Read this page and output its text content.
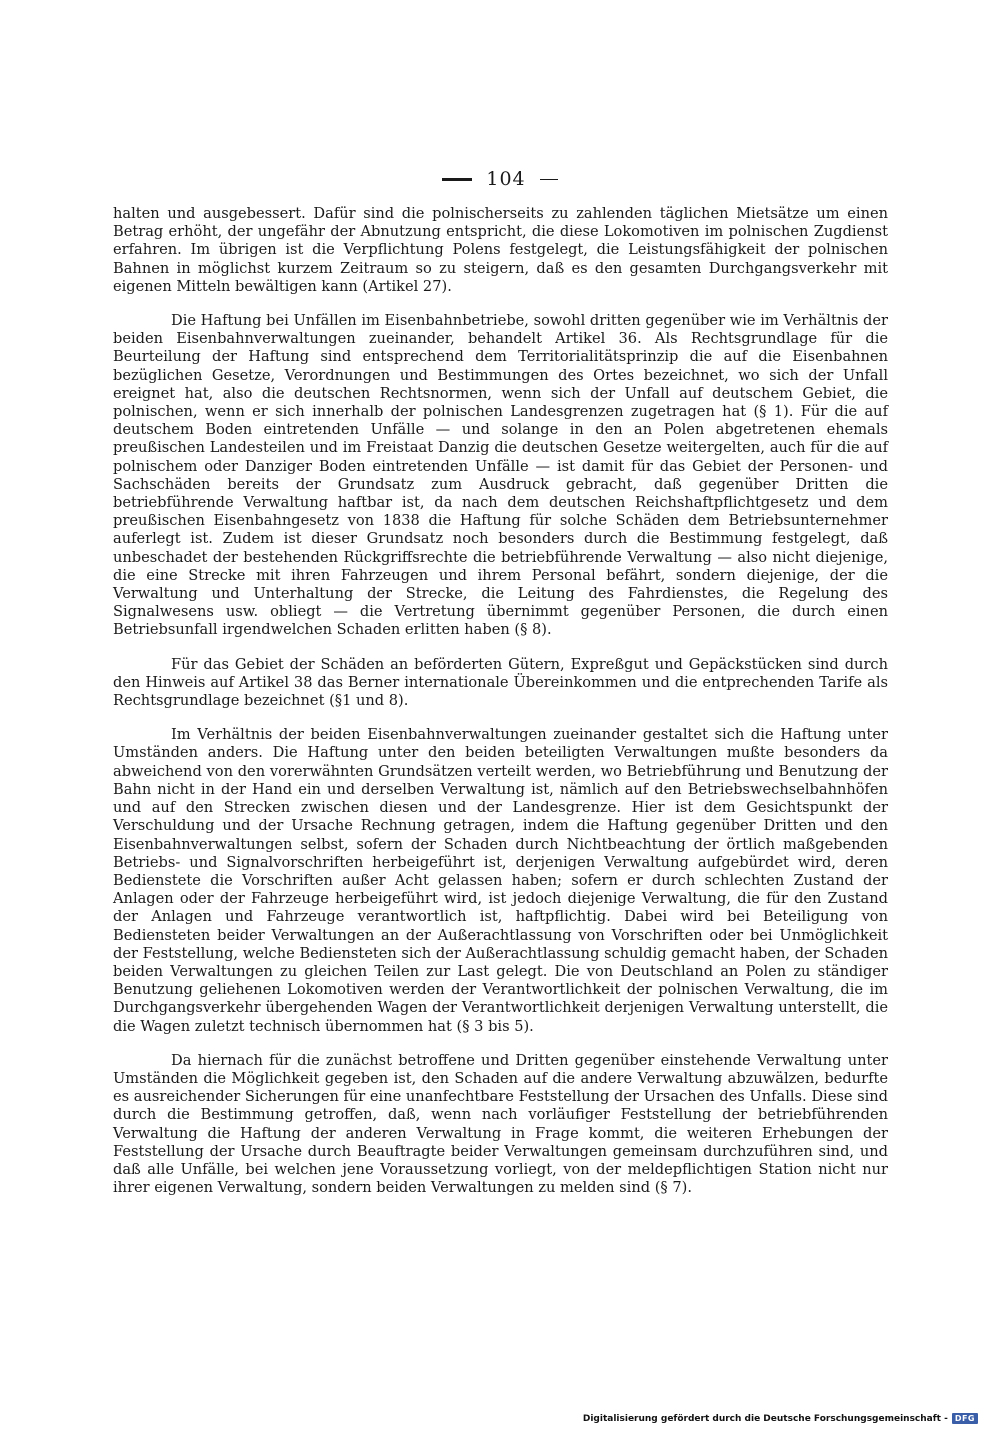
104

halten und ausgebessert. Dafür sind die polnischerseits zu zahlenden täglichen Mietsätze um einen Betrag erhöht, der ungefähr der Abnutzung entspricht, die diese Lokomotiven im polnischen Zugdienst erfahren. Im übrigen ist die Verpflichtung Polens festgelegt, die Leistungsfähigkeit der polnischen Bahnen in möglichst kurzem Zeitraum so zu steigern, daß es den gesamten Durchgangsverkehr mit eigenen Mitteln bewältigen kann (Artikel 27).

Die Haftung bei Unfällen im Eisenbahnbetriebe, sowohl dritten gegenüber wie im Verhältnis der beiden Eisenbahnverwaltungen zueinander, behandelt Artikel 36. Als Rechtsgrundlage für die Beurteilung der Haftung sind entsprechend dem Territorialitätsprinzip die auf die Eisenbahnen bezüglichen Gesetze, Verordnungen und Bestimmungen des Ortes bezeichnet, wo sich der Unfall ereignet hat, also die deutschen Rechtsnormen, wenn sich der Unfall auf deutschem Gebiet, die polnischen, wenn er sich innerhalb der polnischen Landesgrenzen zugetragen hat (§ 1). Für die auf deutschem Boden eintretenden Unfälle — und solange in den an Polen abgetretenen ehemals preußischen Landesteilen und im Freistaat Danzig die deutschen Gesetze weitergelten, auch für die auf polnischem oder Danziger Boden eintretenden Unfälle — ist damit für das Gebiet der Personen- und Sachschäden bereits der Grundsatz zum Ausdruck gebracht, daß gegenüber Dritten die betriebführende Verwaltung haftbar ist, da nach dem deutschen Reichshaftpflichtgesetz und dem preußischen Eisenbahngesetz von 1838 die Haftung für solche Schäden dem Betriebsunternehmer auferlegt ist. Zudem ist dieser Grundsatz noch besonders durch die Bestimmung festgelegt, daß unbeschadet der bestehenden Rückgriffsrechte die betriebführende Verwaltung — also nicht diejenige, die eine Strecke mit ihren Fahrzeugen und ihrem Personal befährt, sondern diejenige, der die Verwaltung und Unterhaltung der Strecke, die Leitung des Fahrdienstes, die Regelung des Signalwesens usw. obliegt — die Vertretung übernimmt gegenüber Personen, die durch einen Betriebsunfall irgendwelchen Schaden erlitten haben (§ 8).

Für das Gebiet der Schäden an beförderten Gütern, Expreßgut und Gepäckstücken sind durch den Hinweis auf Artikel 38 das Berner internationale Übereinkommen und die entprechenden Tarife als Rechtsgrundlage bezeichnet (§1 und 8).

Im Verhältnis der beiden Eisenbahnverwaltungen zueinander gestaltet sich die Haftung unter Umständen anders. Die Haftung unter den beiden beteiligten Verwaltungen mußte besonders da abweichend von den vorerwähnten Grundsätzen verteilt werden, wo Betriebführung und Benutzung der Bahn nicht in der Hand ein und derselben Verwaltung ist, nämlich auf den Betriebswechselbahnhöfen und auf den Strecken zwischen diesen und der Landesgrenze. Hier ist dem Gesichtspunkt der Verschuldung und der Ursache Rechnung getragen, indem die Haftung gegenüber Dritten und den Eisenbahnverwaltungen selbst, sofern der Schaden durch Nichtbeachtung der örtlich maßgebenden Betriebs- und Signalvorschriften herbeigeführt ist, derjenigen Verwaltung aufgebürdet wird, deren Bedienstete die Vorschriften außer Acht gelassen haben; sofern er durch schlechten Zustand der Anlagen oder der Fahrzeuge herbeigeführt wird, ist jedoch diejenige Verwaltung, die für den Zustand der Anlagen und Fahrzeuge verantwortlich ist, haftpflichtig. Dabei wird bei Beteiligung von Bediensteten beider Verwaltungen an der Außerachtlassung von Vorschriften oder bei Unmöglichkeit der Feststellung, welche Bediensteten sich der Außerachtlassung schuldig gemacht haben, der Schaden beiden Verwaltungen zu gleichen Teilen zur Last gelegt. Die von Deutschland an Polen zu ständiger Benutzung geliehenen Lokomotiven werden der Verantwortlichkeit der polnischen Verwaltung, die im Durchgangsverkehr übergehenden Wagen der Verantwortlichkeit derjenigen Verwaltung unterstellt, die die Wagen zuletzt technisch übernommen hat (§ 3 bis 5).

Da hiernach für die zunächst betroffene und Dritten gegenüber einstehende Verwaltung unter Umständen die Möglichkeit gegeben ist, den Schaden auf die andere Verwaltung abzuwälzen, bedurfte es ausreichender Sicherungen für eine unanfechtbare Feststellung der Ursachen des Unfalls. Diese sind durch die Bestimmung getroffen, daß, wenn nach vorläufiger Feststellung der betriebführenden Verwaltung die Haftung der anderen Verwaltung in Frage kommt, die weiteren Erhebungen der Feststellung der Ursache durch Beauftragte beider Verwaltungen gemeinsam durchzuführen sind, und daß alle Unfälle, bei welchen jene Voraussetzung vorliegt, von der meldepflichtigen Station nicht nur ihrer eigenen Verwaltung, sondern beiden Verwaltungen zu melden sind (§ 7).

Digitalisierung gefördert durch die Deutsche Forschungsgemeinschaft - DFG
